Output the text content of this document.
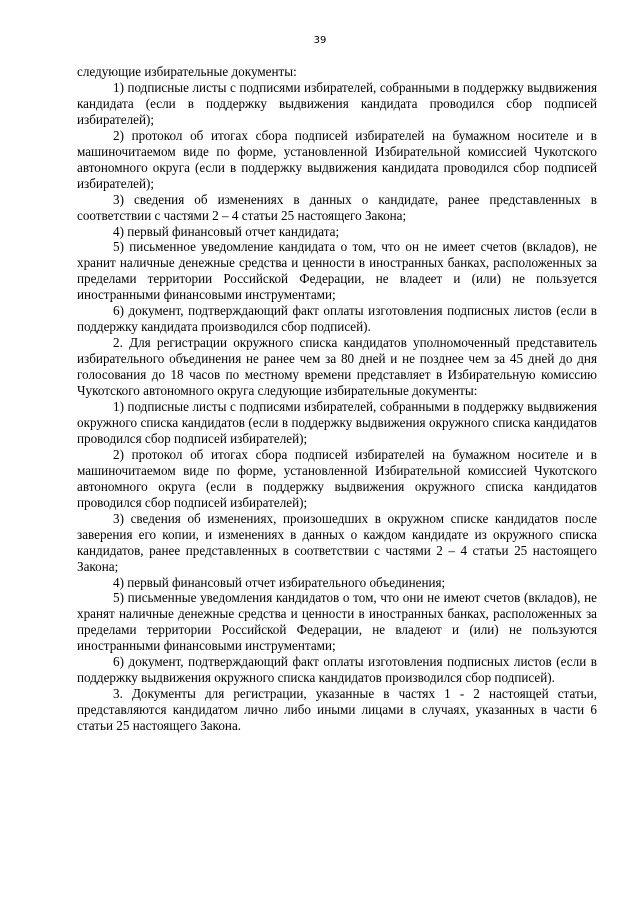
39

следующие избирательные документы:

1) подписные листы с подписями избирателей, собранными в поддержку выдвижения кандидата (если в поддержку выдвижения кандидата проводился сбор подписей избирателей);

2) протокол об итогах сбора подписей избирателей на бумажном носителе и в машиночитаемом виде по форме, установленной Избирательной комиссией Чукотского автономного округа (если в поддержку выдвижения кандидата проводился сбор подписей избирателей);

3) сведения об изменениях в данных о кандидате, ранее представленных в соответствии с частями 2 – 4 статьи 25 настоящего Закона;

4) первый финансовый отчет кандидата;

5) письменное уведомление кандидата о том, что он не имеет счетов (вкладов), не хранит наличные денежные средства и ценности в иностранных банках, расположенных за пределами территории Российской Федерации, не владеет и (или) не пользуется иностранными финансовыми инструментами;

6) документ, подтверждающий факт оплаты изготовления подписных листов (если в поддержку кандидата производился сбор подписей).

2. Для регистрации окружного списка кандидатов уполномоченный представитель избирательного объединения не ранее чем за 80 дней и не позднее чем за 45 дней до дня голосования до 18 часов по местному времени представляет в Избирательную комиссию Чукотского автономного округа следующие избирательные документы:

1) подписные листы с подписями избирателей, собранными в поддержку выдвижения окружного списка кандидатов (если в поддержку выдвижения окружного списка кандидатов проводился сбор подписей избирателей);

2) протокол об итогах сбора подписей избирателей на бумажном носителе и в машиночитаемом виде по форме, установленной Избирательной комиссией Чукотского автономного округа (если в поддержку выдвижения окружного списка кандидатов проводился сбор подписей избирателей);

3) сведения об изменениях, произошедших в окружном списке кандидатов после заверения его копии, и изменениях в данных о каждом кандидате из окружного списка кандидатов, ранее представленных в соответствии с частями 2 – 4 статьи 25 настоящего Закона;

4) первый финансовый отчет избирательного объединения;

5) письменные уведомления кандидатов о том, что они не имеют счетов (вкладов), не хранят наличные денежные средства и ценности в иностранных банках, расположенных за пределами территории Российской Федерации, не владеют и (или) не пользуются иностранными финансовыми инструментами;

6) документ, подтверждающий факт оплаты изготовления подписных листов (если в поддержку выдвижения окружного списка кандидатов производился сбор подписей).

3. Документы для регистрации, указанные в частях 1 - 2 настоящей статьи, представляются кандидатом лично либо иными лицами в случаях, указанных в части 6 статьи 25 настоящего Закона.
